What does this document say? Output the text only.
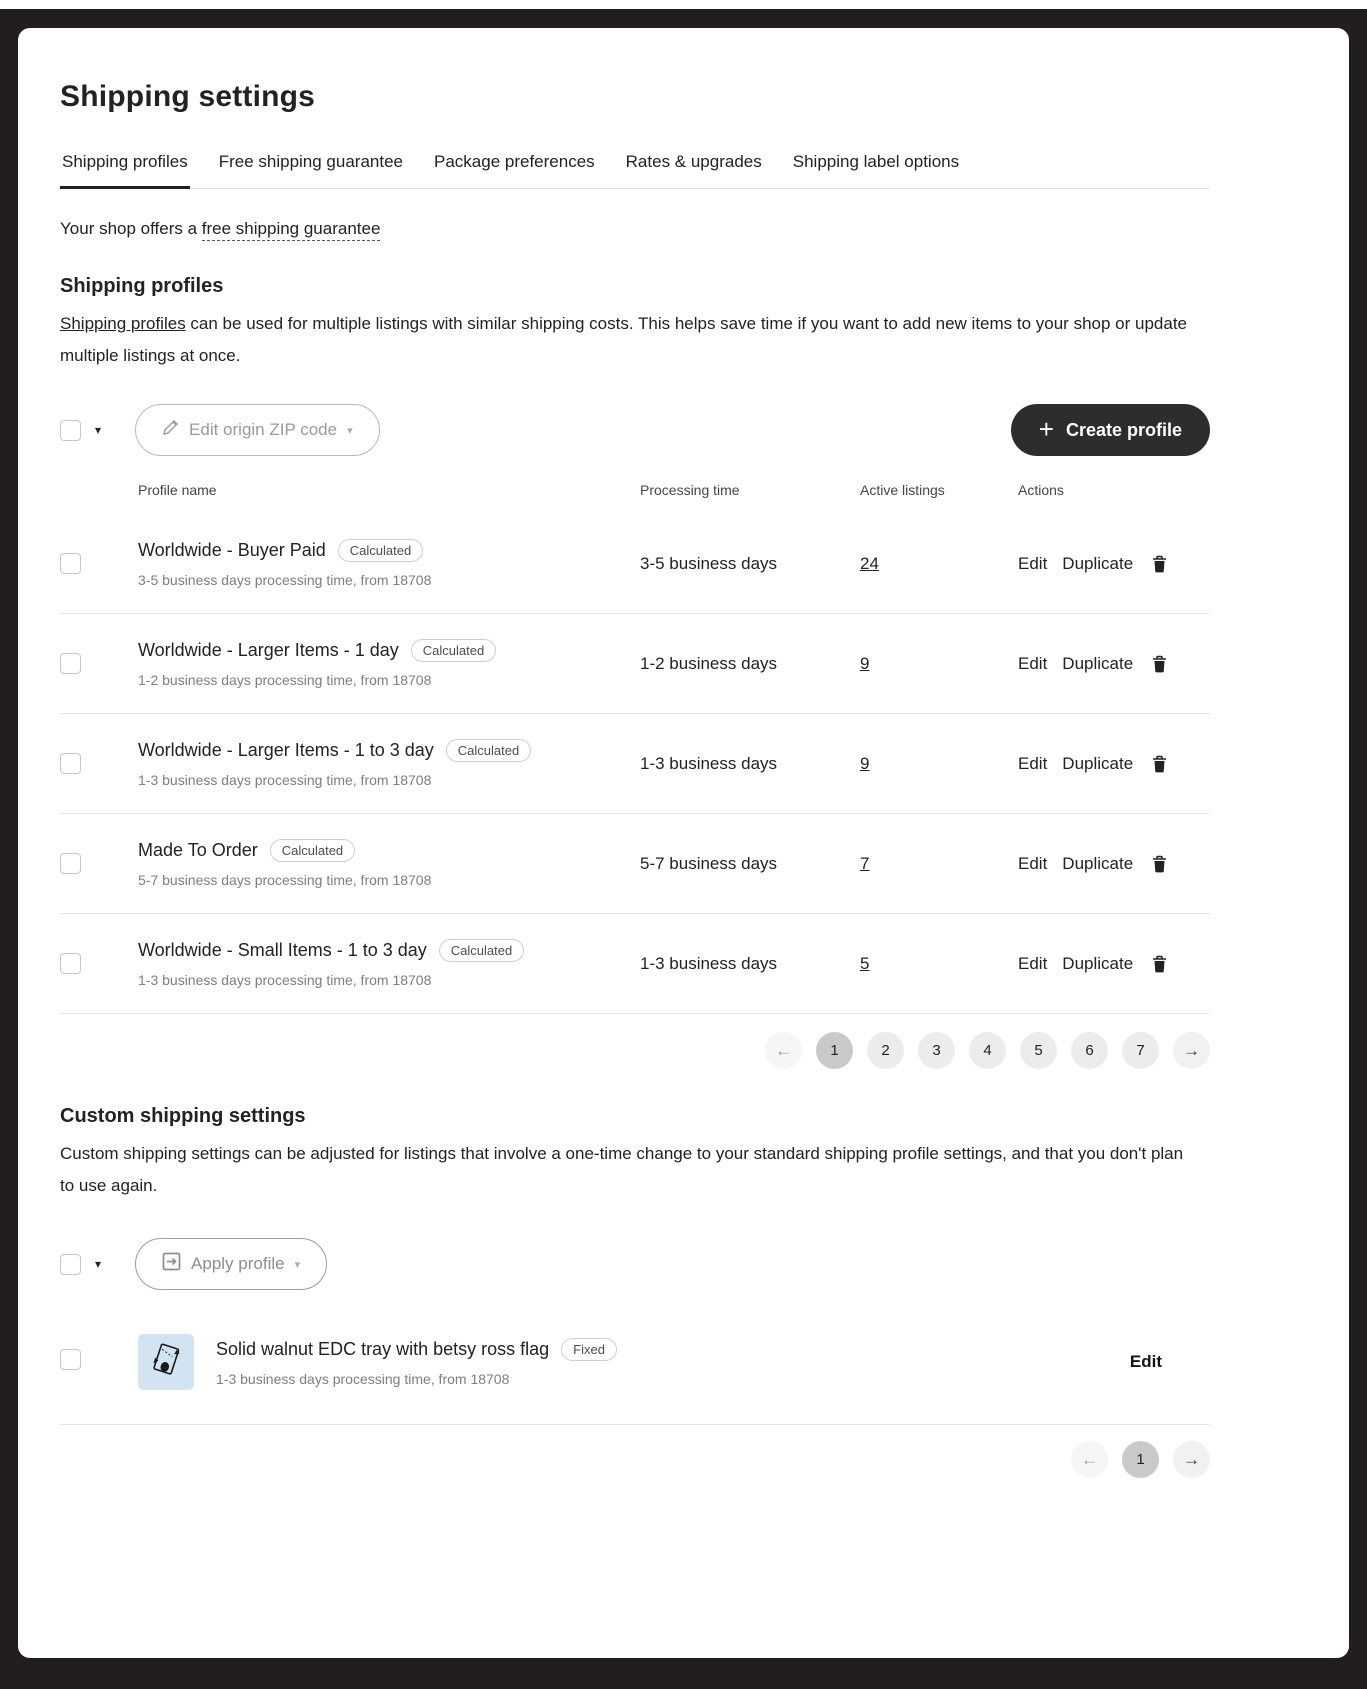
Shipping settings
Shipping profiles Free shipping guarantee Package preferences Rates & upgrades Shipping label options
Your shop offers a free shipping guarantee
Shipping profiles

Shipping profiles can be used for multiple listings with similar shipping costs. This helps save time if you want to add new items to your shop or update multiple listings at once.

▾	Edit origin ZIP code ▾	+ Create profile
Profile name	Processing time	Active listings	Actions
Worldwide - Buyer Paid	Calculated
3-5 business days processing time, from 18708
3-5 business days	24	Edit Duplicate
Worldwide - Larger Items - 1 day	Calculated
1-2 business days processing time, from 18708
1-2 business days	9	Edit Duplicate
Worldwide - Larger Items - 1 to 3 day	Calculated
1-3 business days processing time, from 18708
1-3 business days	9	Edit Duplicate
Made To Order	Calculated
5-7 business days processing time, from 18708
5-7 business days	7	Edit Duplicate
Worldwide - Small Items - 1 to 3 day	Calculated
1-3 business days processing time, from 18708
1-3 business days	5	Edit Duplicate
←	1	2	3	4	5	6	7	→
Custom shipping settings

Custom shipping settings can be adjusted for listings that involve a one-time change to your standard shipping profile settings, and that you don't plan to use again.

▾	Apply profile ▾
Solid walnut EDC tray with betsy ross flag	Fixed
1-3 business days processing time, from 18708
Edit
←	1	→
